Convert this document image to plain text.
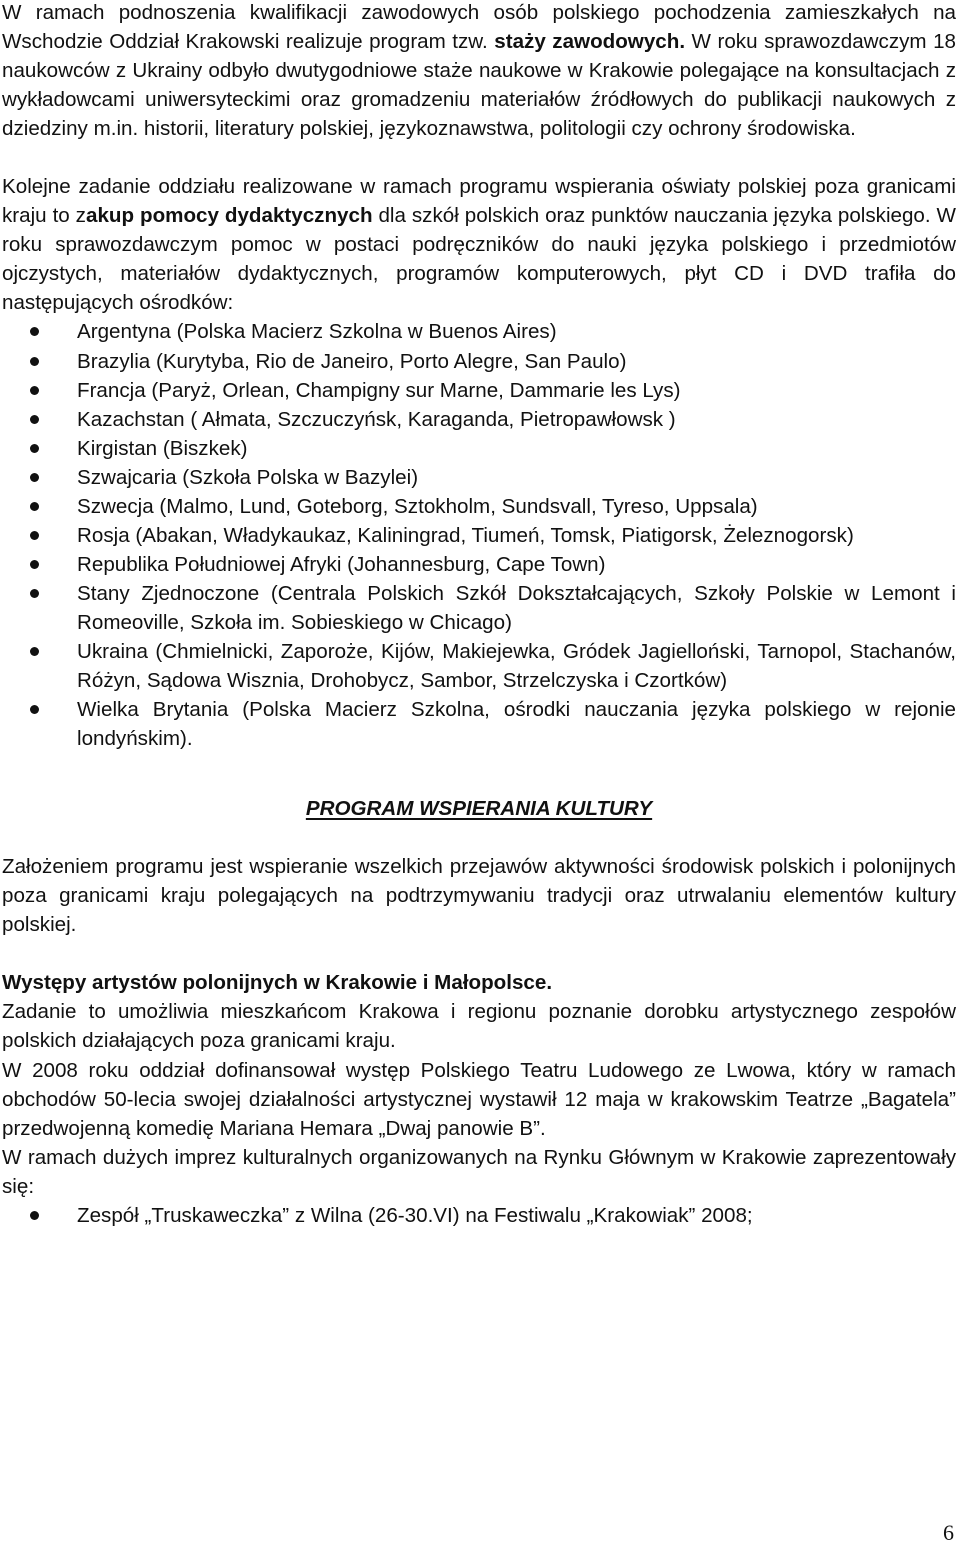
W ramach podnoszenia kwalifikacji zawodowych osób polskiego pochodzenia zamieszkałych na Wschodzie Oddział Krakowski realizuje program tzw. staży zawodowych. W roku sprawozdawczym 18 naukowców z Ukrainy odbyło dwutygodniowe staże naukowe w Krakowie polegające na konsultacjach z wykładowcami uniwersyteckimi oraz gromadzeniu materiałów źródłowych do publikacji naukowych z dziedziny m.in. historii, literatury polskiej, językoznawstwa, politologii czy ochrony środowiska.

Kolejne zadanie oddziału realizowane w ramach programu wspierania oświaty polskiej poza granicami kraju to zakup pomocy dydaktycznych dla szkół polskich oraz punktów nauczania języka polskiego. W roku sprawozdawczym pomoc w postaci podręczników do nauki języka polskiego i przedmiotów ojczystych, materiałów dydaktycznych, programów komputerowych, płyt CD i DVD trafiła do następujących ośrodków:

Argentyna (Polska Macierz Szkolna w Buenos Aires)
Brazylia (Kurytyba, Rio de Janeiro, Porto Alegre, San Paulo)
Francja (Paryż, Orlean, Champigny sur Marne, Dammarie les Lys)
Kazachstan ( Ałmata, Szczuczyńsk, Karaganda, Pietropawłowsk )
Kirgistan (Biszkek)
Szwajcaria (Szkoła Polska w Bazylei)
Szwecja (Malmo, Lund, Goteborg, Sztokholm, Sundsvall, Tyreso, Uppsala)
Rosja (Abakan, Władykaukaz, Kaliningrad, Tiumeń, Tomsk, Piatigorsk, Żeleznogorsk)
Republika Południowej Afryki (Johannesburg, Cape Town)
Stany Zjednoczone (Centrala Polskich Szkół Dokształcających, Szkoły Polskie w Lemont i Romeoville, Szkoła im. Sobieskiego w Chicago)
Ukraina (Chmielnicki, Zaporoże, Kijów, Makiejewka, Gródek Jagielloński, Tarnopol, Stachanów, Różyn, Sądowa Wisznia, Drohobycz, Sambor, Strzelczyska i Czortków)
Wielka Brytania (Polska Macierz Szkolna, ośrodki nauczania języka polskiego w rejonie londyńskim).
PROGRAM WSPIERANIA KULTURY

Założeniem programu jest wspieranie wszelkich przejawów aktywności środowisk polskich i polonijnych poza granicami kraju polegających na podtrzymywaniu tradycji oraz utrwalaniu elementów kultury polskiej.

Występy artystów polonijnych w Krakowie i Małopolsce.

Zadanie to umożliwia mieszkańcom Krakowa i regionu poznanie dorobku artystycznego zespołów polskich działających poza granicami kraju.

W 2008 roku oddział dofinansował występ Polskiego Teatru Ludowego ze Lwowa, który w ramach obchodów 50-lecia swojej działalności artystycznej wystawił 12 maja w krakowskim Teatrze „Bagatela” przedwojenną komedię Mariana Hemara „Dwaj panowie B”.

W ramach dużych imprez kulturalnych organizowanych na Rynku Głównym w Krakowie zaprezentowały się:

Zespół „Truskaweczka” z Wilna (26-30.VI) na Festiwalu „Krakowiak” 2008;
6
